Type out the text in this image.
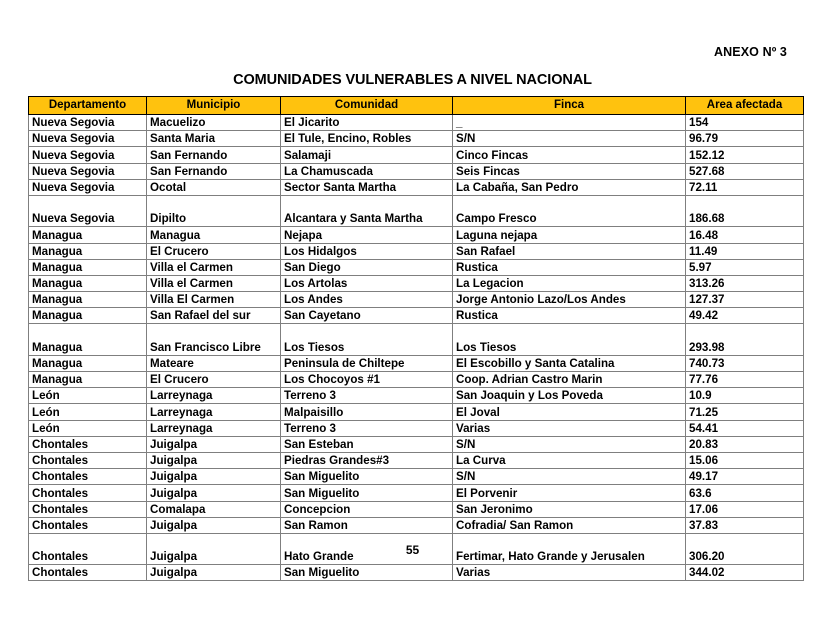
ANEXO Nº 3
COMUNIDADES VULNERABLES A NIVEL NACIONAL
Departamento	Municipio	Comunidad	Finca	Area afectada
Nueva Segovia	Macuelizo	El Jicarito	_	154
Nueva Segovia	Santa Maria	El Tule, Encino, Robles	S/N	96.79
Nueva Segovia	San Fernando	Salamaji	Cinco Fincas	152.12
Nueva Segovia	San Fernando	La Chamuscada	Seis Fincas	527.68
Nueva Segovia	Ocotal	Sector Santa Martha	La Cabaña, San Pedro	72.11
Nueva Segovia	Dipilto	Alcantara y Santa Martha	Campo Fresco	186.68
Managua	Managua	Nejapa	Laguna nejapa	16.48
Managua	El Crucero	Los Hidalgos	San Rafael	11.49
Managua	Villa el Carmen	San Diego	Rustica	5.97
Managua	Villa el Carmen	Los Artolas	La Legacion	313.26
Managua	Villa El Carmen	Los Andes	Jorge Antonio Lazo/Los Andes	127.37
Managua	San Rafael del sur	San Cayetano	Rustica	49.42
Managua	San Francisco Libre	Los Tiesos	Los Tiesos	293.98
Managua	Mateare	Peninsula de Chiltepe	El Escobillo y Santa Catalina	740.73
Managua	El Crucero	Los Chocoyos #1	Coop. Adrian Castro Marin	77.76
León	Larreynaga	Terreno 3	San Joaquin y Los Poveda	10.9
León	Larreynaga	Malpaisillo	El Joval	71.25
León	Larreynaga	Terreno 3	Varias	54.41
Chontales	Juigalpa	San Esteban	S/N	20.83
Chontales	Juigalpa	Piedras Grandes#3	La Curva	15.06
Chontales	Juigalpa	San Miguelito	S/N	49.17
Chontales	Juigalpa	San Miguelito	El Porvenir	63.6
Chontales	Comalapa	Concepcion	San Jeronimo	17.06
Chontales	Juigalpa	San Ramon	Cofradia/ San Ramon	37.83
Chontales	Juigalpa	Hato Grande	Fertimar, Hato Grande y Jerusalen	306.20
Chontales	Juigalpa	San Miguelito	Varias	344.02
55
